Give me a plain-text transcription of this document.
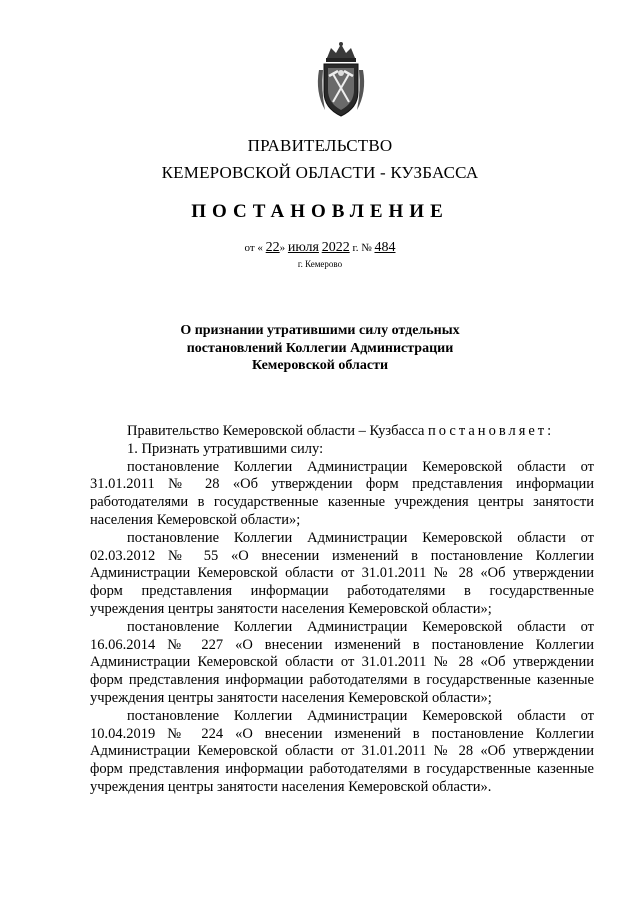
ПРАВИТЕЛЬСТВО
КЕМЕРОВСКОЙ ОБЛАСТИ - КУЗБАССА
ПОСТАНОВЛЕНИЕ
от « 22» июля 2022 г. № 484
г. Кемерово
О признании утратившими силу отдельных
постановлений Коллегии Администрации
Кемеровской области

Правительство Кемеровской области – Кузбасса постановляет:

1. Признать утратившими силу:

постановление Коллегии Администрации Кемеровской области от 31.01.2011 № 28 «Об утверждении форм представления информации работодателями в государственные казенные учреждения центры занятости населения Кемеровской области»;

постановление Коллегии Администрации Кемеровской области от 02.03.2012 № 55 «О внесении изменений в постановление Коллегии Администрации Кемеровской области от 31.01.2011 № 28 «Об утверждении форм представления информации работодателями в государственные учреждения центры занятости населения Кемеровской области»;

постановление Коллегии Администрации Кемеровской области от 16.06.2014 № 227 «О внесении изменений в постановление Коллегии Администрации Кемеровской области от 31.01.2011 № 28 «Об утверждении форм представления информации работодателями в государственные казенные учреждения центры занятости населения Кемеровской области»;

постановление Коллегии Администрации Кемеровской области от 10.04.2019 № 224 «О внесении изменений в постановление Коллегии Администрации Кемеровской области от 31.01.2011 № 28 «Об утверждении форм представления информации работодателями в государственные казенные учреждения центры занятости населения Кемеровской области».
